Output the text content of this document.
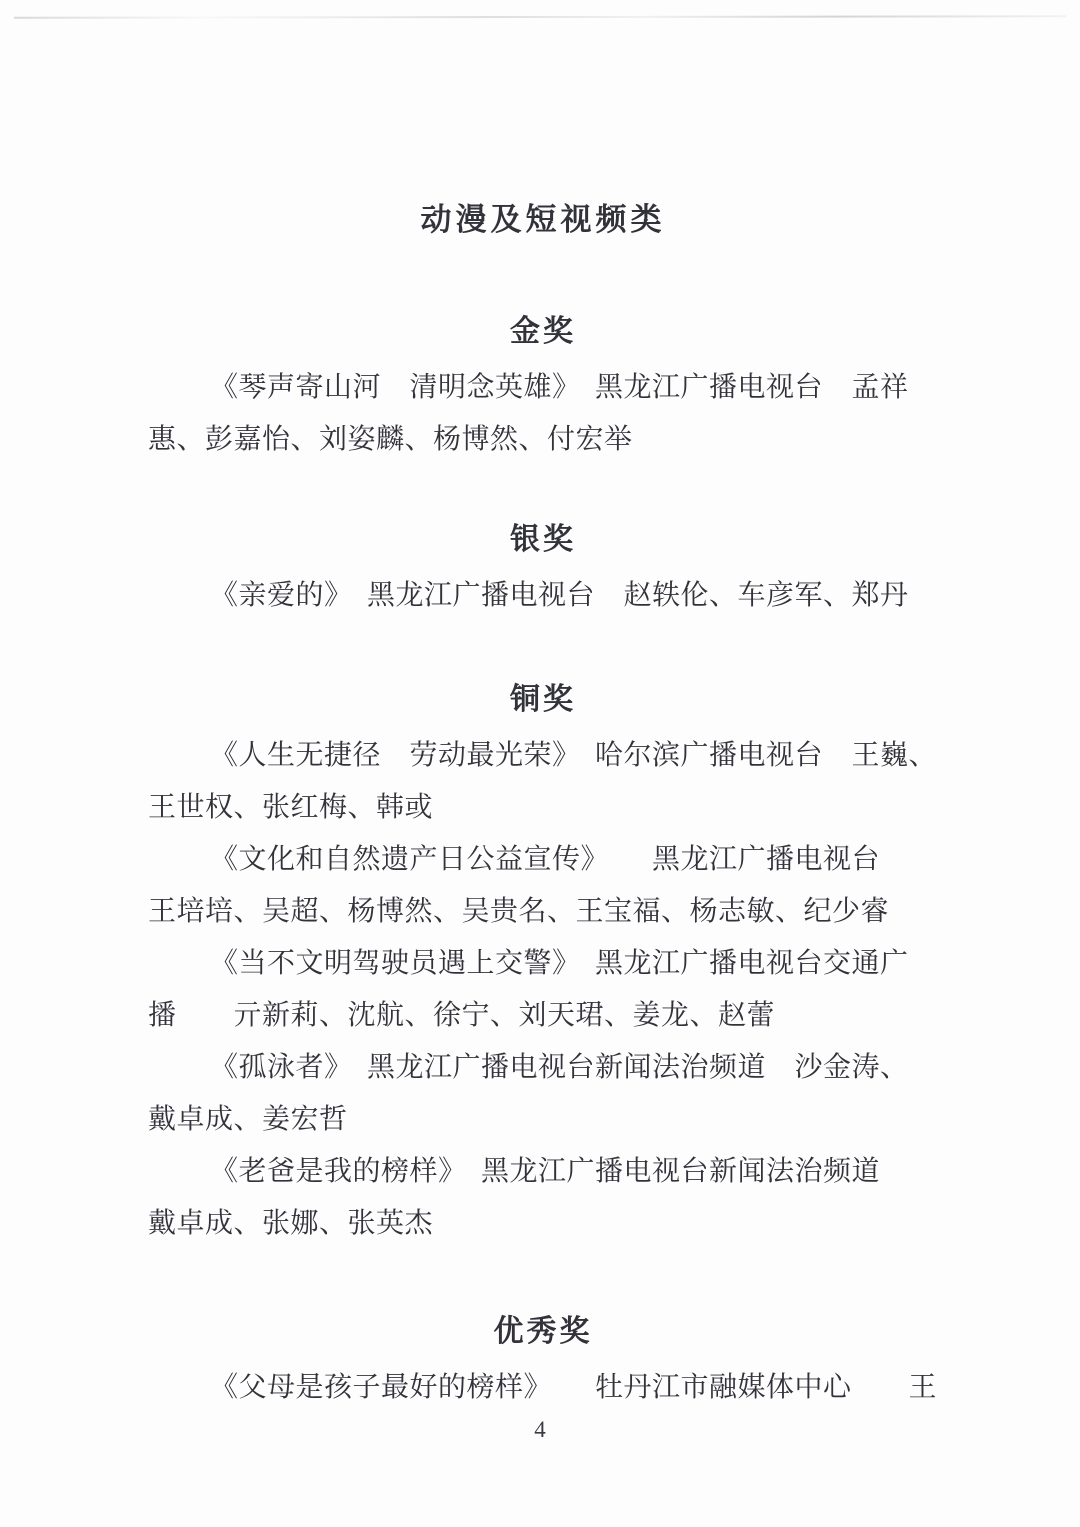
动漫及短视频类
金奖

《琴声寄山河　清明念英雄》　黑龙江广播电视台　孟祥

惠、彭嘉怡、刘姿麟、杨博然、付宏举

银奖

《亲爱的》　黑龙江广播电视台　赵轶伦、车彦军、郑丹

铜奖

《人生无捷径　劳动最光荣》　哈尔滨广播电视台　王巍、

王世权、张红梅、韩或

《文化和自然遗产日公益宣传》　　黑龙江广播电视台

王培培、吴超、杨博然、吴贵名、王宝福、杨志敏、纪少睿

《当不文明驾驶员遇上交警》　黑龙江广播电视台交通广

播　　亓新莉、沈航、徐宁、刘天珺、姜龙、赵蕾

《孤泳者》　黑龙江广播电视台新闻法治频道　沙金涛、

戴卓成、姜宏哲

《老爸是我的榜样》　黑龙江广播电视台新闻法治频道

戴卓成、张娜、张英杰

优秀奖

《父母是孩子最好的榜样》　　牡丹江市融媒体中心　　王

4
